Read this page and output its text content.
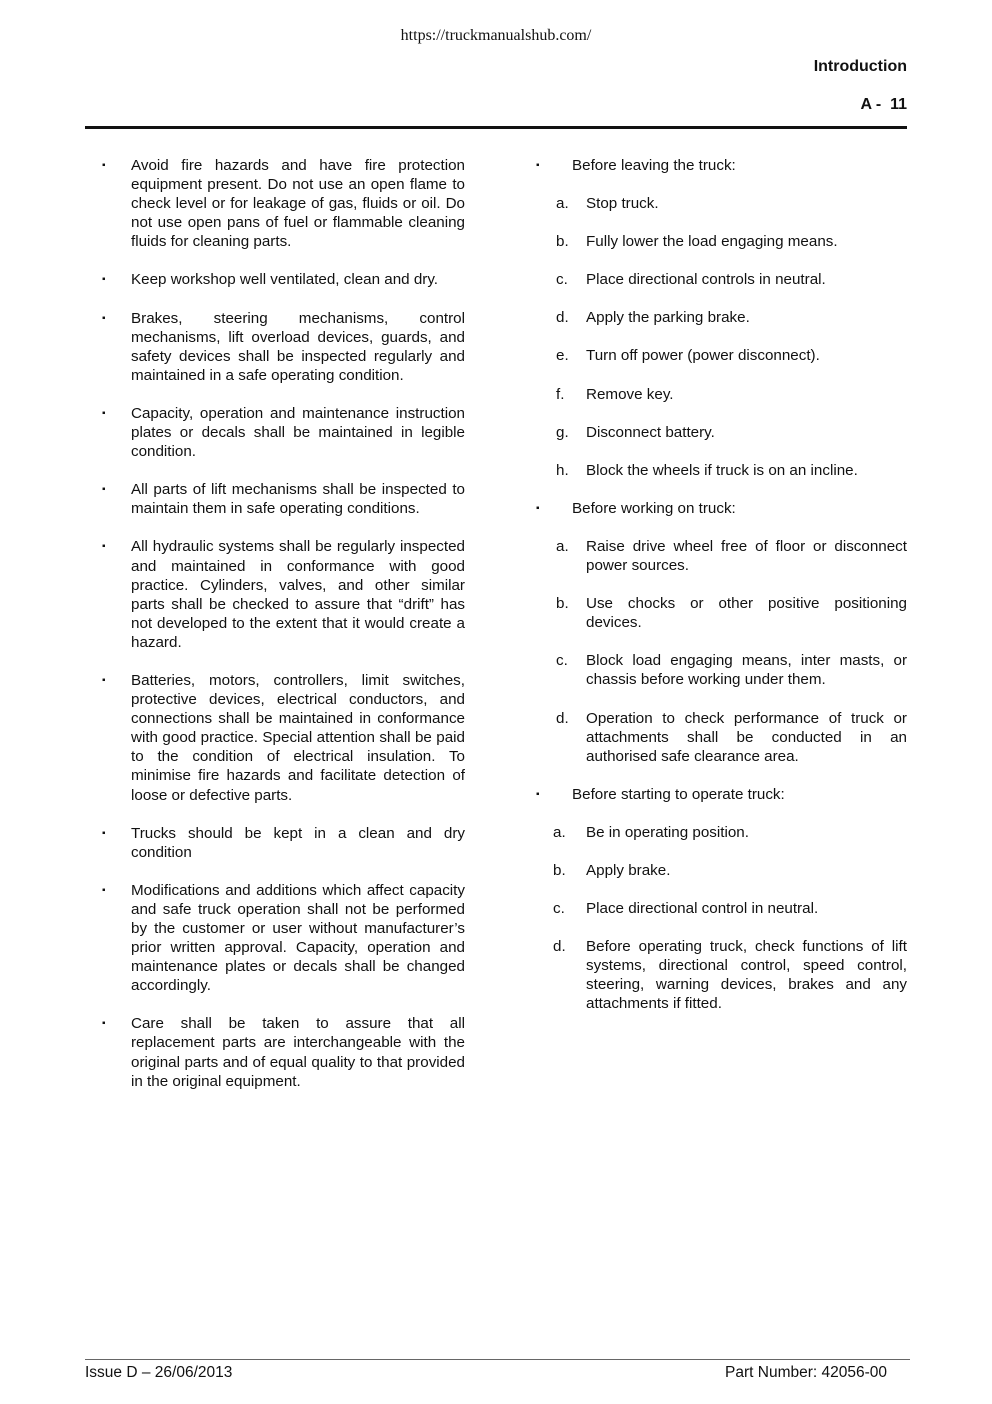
https://truckmanualshub.com/
Introduction
A -  11
▪ Avoid fire hazards and have fire protection equipment present. Do not use an open flame to check level or for leakage of gas, fluids or oil. Do not use open pans of fuel or flammable cleaning fluids for cleaning parts.
▪ Keep workshop well ventilated, clean and dry.
▪ Brakes, steering mechanisms, control mechanisms, lift overload devices, guards, and safety devices shall be inspected regularly and maintained in a safe operating condition.
▪ Capacity, operation and maintenance instruction plates or decals shall be maintained in legible condition.
▪ All parts of lift mechanisms shall be inspected to maintain them in safe operating conditions.
▪ All hydraulic systems shall be regularly inspected and maintained in conformance with good practice. Cylinders, valves, and other similar parts shall be checked to assure that “drift” has not developed to the extent that it would create a hazard.
▪ Batteries, motors, controllers, limit switches, protective devices, electrical conductors, and connections shall be maintained in conformance with good practice. Special attention shall be paid to the condition of electrical insulation. To minimise fire hazards and facilitate detection of loose or defective parts.
▪ Trucks should be kept in a clean and dry condition
▪ Modifications and additions which affect capacity and safe truck operation shall not be performed by the customer or user without manufacturer’s prior written approval. Capacity, operation and maintenance plates or decals shall be changed accordingly.
▪ Care shall be taken to assure that all replacement parts are interchangeable with the original parts and of equal quality to that provided in the original equipment.
▪ Before leaving the truck:
a. Stop truck.
b. Fully lower the load engaging means.
c. Place directional controls in neutral.
d. Apply the parking brake.
e. Turn off power (power disconnect).
f. Remove key.
g. Disconnect battery.
h. Block the wheels if truck is on an incline.
▪ Before working on truck:
a. Raise drive wheel free of floor or disconnect power sources.
b. Use chocks or other positive positioning devices.
c. Block load engaging means, inter masts, or chassis before working under them.
d. Operation to check performance of truck or attachments shall be conducted in an authorised safe clearance area.
▪ Before starting to operate truck:
a. Be in operating position.
b. Apply brake.
c. Place directional control in neutral.
d. Before operating truck, check functions of lift systems, directional control, speed control, steering, warning devices, brakes and any attachments if fitted.
Issue D – 26/06/2013	Part Number: 42056-00
